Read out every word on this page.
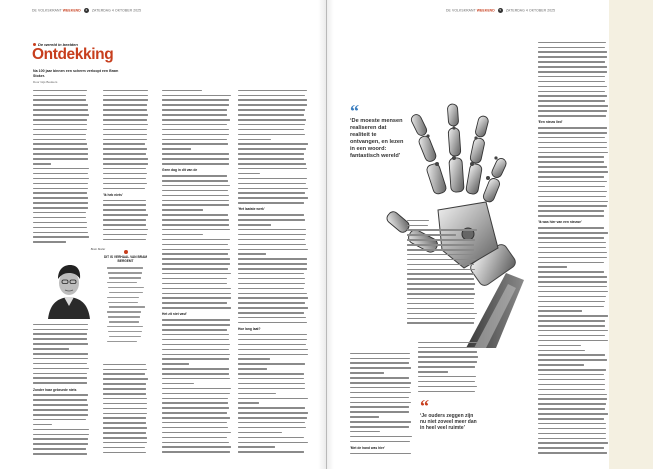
DE VOLKSKRANT WEEKEND 4 ZATERDAG 4 OKTOBER 2025	DE VOLKSKRANT WEEKEND 5 ZATERDAG 4 OKTOBER 2025
De wereld in beelden
Ontdekking
Na 100 jaar binnen een scherm verloopt een Bram Stoker.
Door Gijs Beukers
Zonder haar gebeurde niets
'Ik heb niets'
Geen dag in dit van de
Het zit niet vast'
'Het laatste werk'
Hoe lang laat?
Bram Stoker
DIT IS VERHAAL VAN BRAM BERGEMT
“
‘De moeste mensen realiseren dat realiteit te ontvangen, en lezen in een woord: fantastisch wereld’
'Met de hand was hier'
“
‘Je ouders zeggen zijn nu niet zoveel meer dan in heel veel ruimte’
'Een nieuw lied'
'Ik was hier van een nieuwe'
